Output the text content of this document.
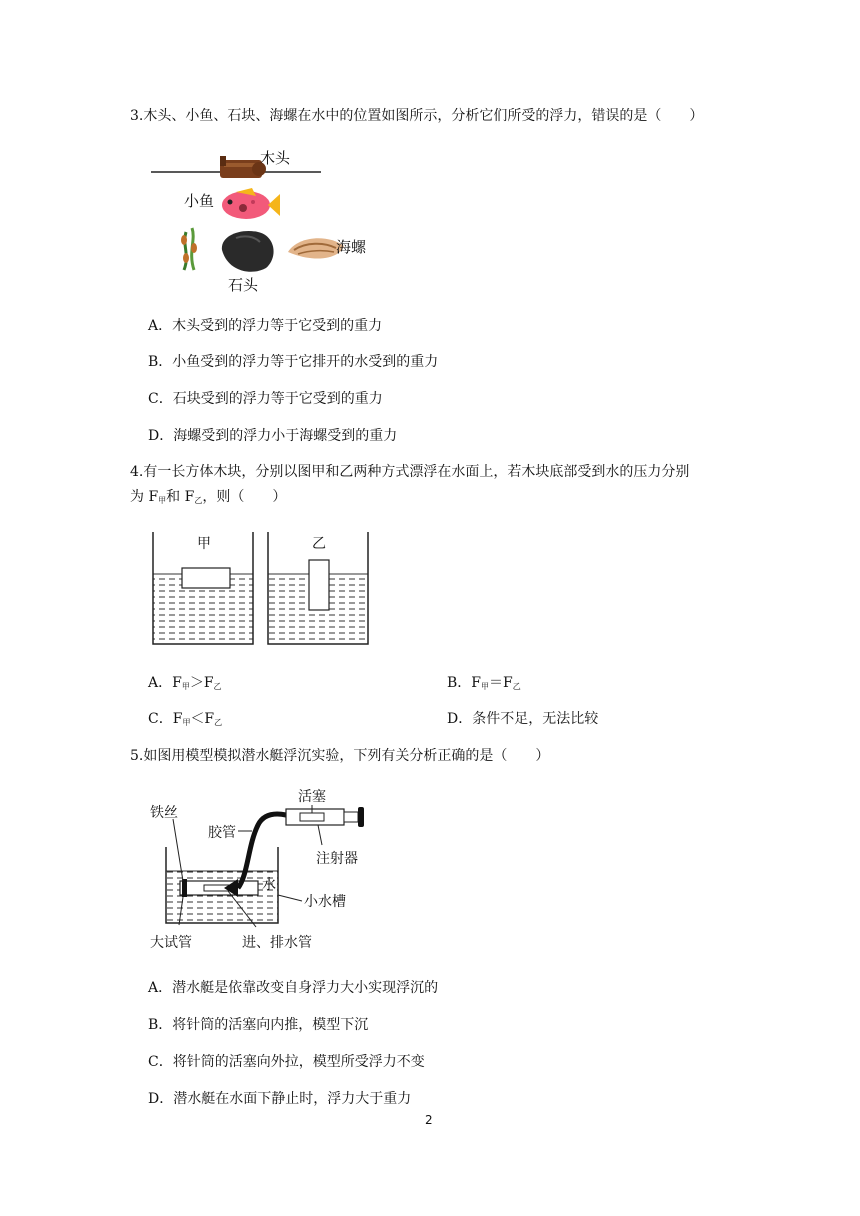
3.木头、小鱼、石块、海螺在水中的位置如图所示，分析它们所受的浮力，错误的是（　　）
木头
小鱼
石头
海螺
A．木头受到的浮力等于它受到的重力
B．小鱼受到的浮力等于它排开的水受到的重力
C．石块受到的浮力等于它受到的重力
D．海螺受到的浮力小于海螺受到的重力
4.有一长方体木块，分别以图甲和乙两种方式漂浮在水面上，若木块底部受到水的压力分别
为 $F_甲$和 $F_乙$，则（　　）
甲	乙
A．$F_甲>F_乙$	B．$F_甲=F_乙$
C．$F_甲<F_乙$	D．条件不足，无法比较
5.如图用模型模拟潜水艇浮沉实验，下列有关分析正确的是（　　）
铁丝
活塞
胶管
注射器
水
小水槽
大试管	进、排水管
A．潜水艇是依靠改变自身浮力大小实现浮沉的
B．将针筒的活塞向内推，模型下沉
C．将针筒的活塞向外拉，模型所受浮力不变
D．潜水艇在水面下静止时，浮力大于重力
2
